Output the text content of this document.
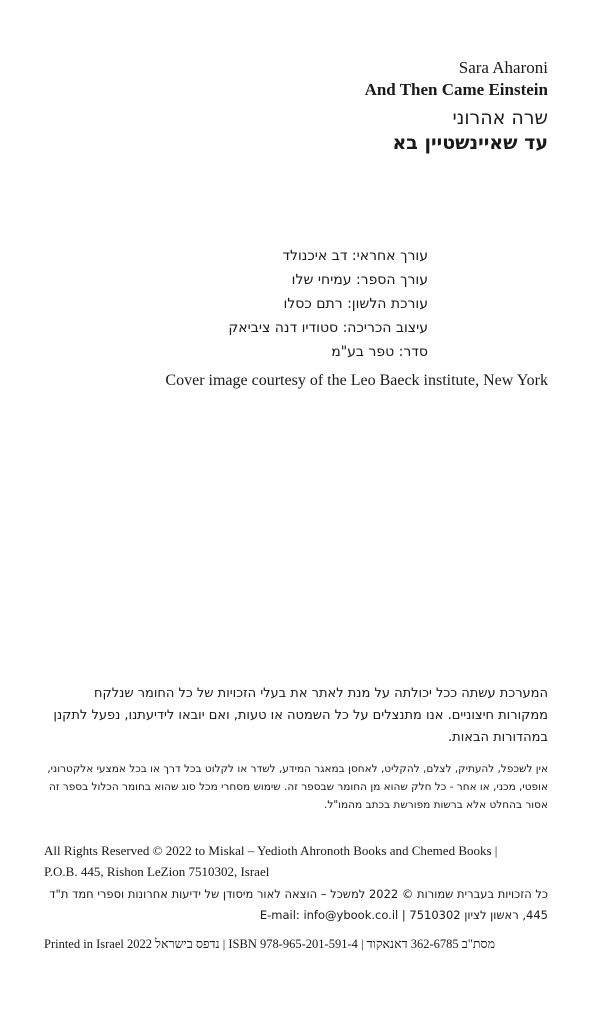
Sara Aharoni
And Then Came Einstein
שרה אהרוני
עד שאיינשטיין בא
עורך אחראי: דב איכנולד
עורך הספר: עמיחי שלו
עורכת הלשון: רתם כסלו
עיצוב הכריכה: סטודיו דנה ציביאק
סדר: טפר בע"מ
Cover image courtesy of the Leo Baeck institute, New York
המערכת עשתה ככל יכולתה על מנת לאתר את בעלי הזכויות של כל החומר שנלקח ממקורות חיצוניים. אנו מתנצלים על כל השמטה או טעות, ואם יובאו לידיעתנו, נפעל לתקנן במהדורות הבאות.
אין לשכפל, להעתיק, לצלם, להקליט, לאחסן במאגר המידע, לשדר או לקלוט בכל דרך או בכל אמצעי אלקטרוני, אופטי, מכני, או אחר - כל חלק שהוא מן החומר שבספר זה. שימוש מסחרי מכל סוג שהוא בחומר הכלול בספר זה אסור בהחלט אלא ברשות מפורשת בכתב מהמו"ל.
All Rights Reserved © 2022 to Miskal – Yedioth Ahronoth Books and Chemed Books |
P.O.B. 445, Rishon LeZion 7510302, Israel
כל הזכויות בעברית שמורות © 2022 למשכל – הוצאה לאור מיסודן של ידיעות אחרונות וספרי חמד ת"ד
445, ראשון לציון 7510302 | E-mail: info@ybook.co.il
Printed in Israel 2022 נדפס בישראל | ISBN 978-965-201-591-4 | מסת"ב 362-6785 דאנאקוד
